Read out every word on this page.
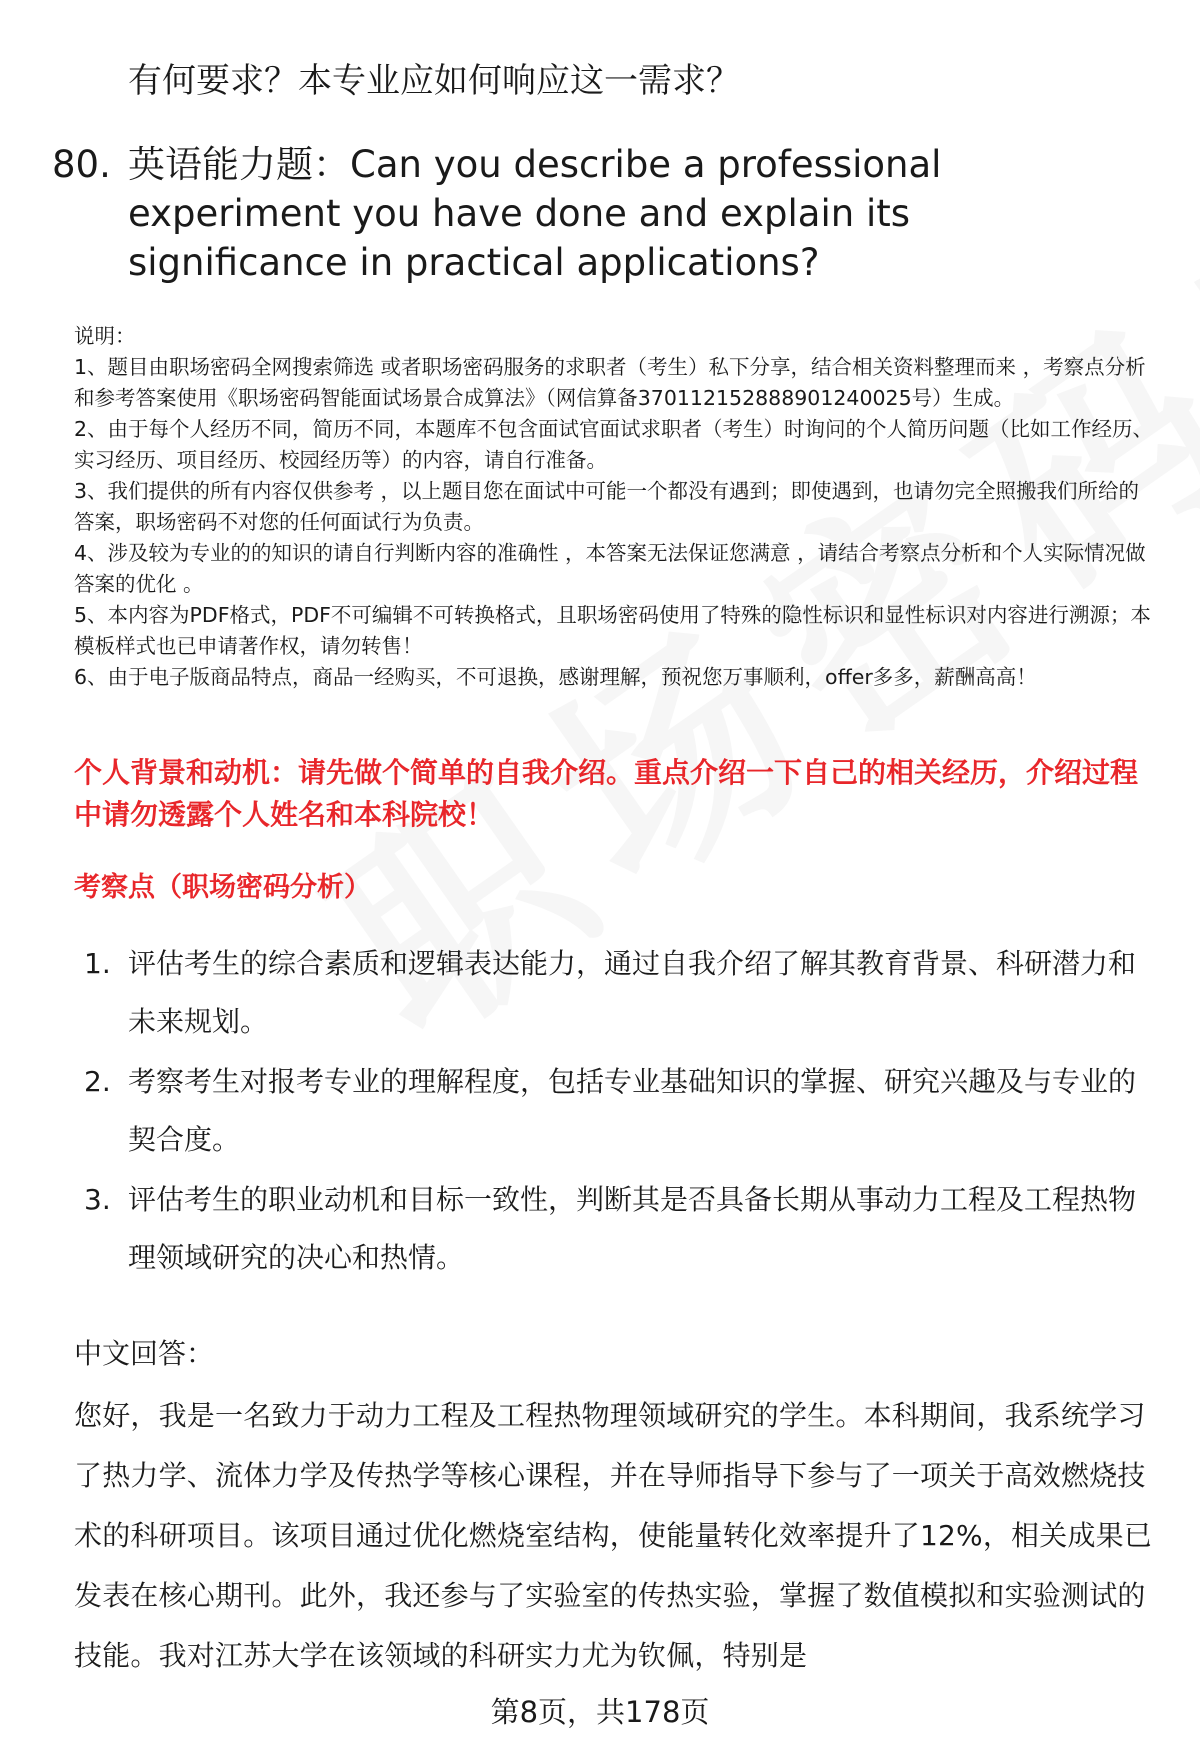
有何要求？本专业应如何响应这一需求？
80. 英语能力题：Can you describe a professional experiment you have done and explain its significance in practical applications?

说明：

1、题目由职场密码全网搜索筛选 或者职场密码服务的求职者（考生）私下分享，结合相关资料整理而来 ，考察点分析和参考答案使用《职场密码智能面试场景合成算法》（网信算备370112152888901240025号）生成。

2、由于每个人经历不同，简历不同，本题库不包含面试官面试求职者（考生）时询问的个人简历问题（比如工作经历、实习经历、项目经历、校园经历等）的内容，请自行准备。

3、我们提供的所有内容仅供参考 ，以上题目您在面试中可能一个都没有遇到；即使遇到，也请勿完全照搬我们所给的答案，职场密码不对您的任何面试行为负责。

4、涉及较为专业的的知识的请自行判断内容的准确性 ，本答案无法保证您满意 ，请结合考察点分析和个人实际情况做答案的优化 。

5、本内容为PDF格式，PDF不可编辑不可转换格式，且职场密码使用了特殊的隐性标识和显性标识对内容进行溯源；本模板样式也已申请著作权，请勿转售！

6、由于电子版商品特点，商品一经购买，不可退换，感谢理解，预祝您万事顺利，offer多多，薪酬高高！

个人背景和动机：请先做个简单的自我介绍。重点介绍一下自己的相关经历，介绍过程中请勿透露个人姓名和本科院校！
考察点（职场密码分析）
1. 评估考生的综合素质和逻辑表达能力，通过自我介绍了解其教育背景、科研潜力和未来规划。
2. 考察考生对报考专业的理解程度，包括专业基础知识的掌握、研究兴趣及与专业的契合度。
3. 评估考生的职业动机和目标一致性，判断其是否具备长期从事动力工程及工程热物理领域研究的决心和热情。
中文回答：
您好，我是一名致力于动力工程及工程热物理领域研究的学生。本科期间，我系统学习了热力学、流体力学及传热学等核心课程，并在导师指导下参与了一项关于高效燃烧技术的科研项目。该项目通过优化燃烧室结构，使能量转化效率提升了12%，相关成果已发表在核心期刊。此外，我还参与了实验室的传热实验，掌握了数值模拟和实验测试的技能。我对江苏大学在该领域的科研实力尤为钦佩，特别是
第8页，共178页
